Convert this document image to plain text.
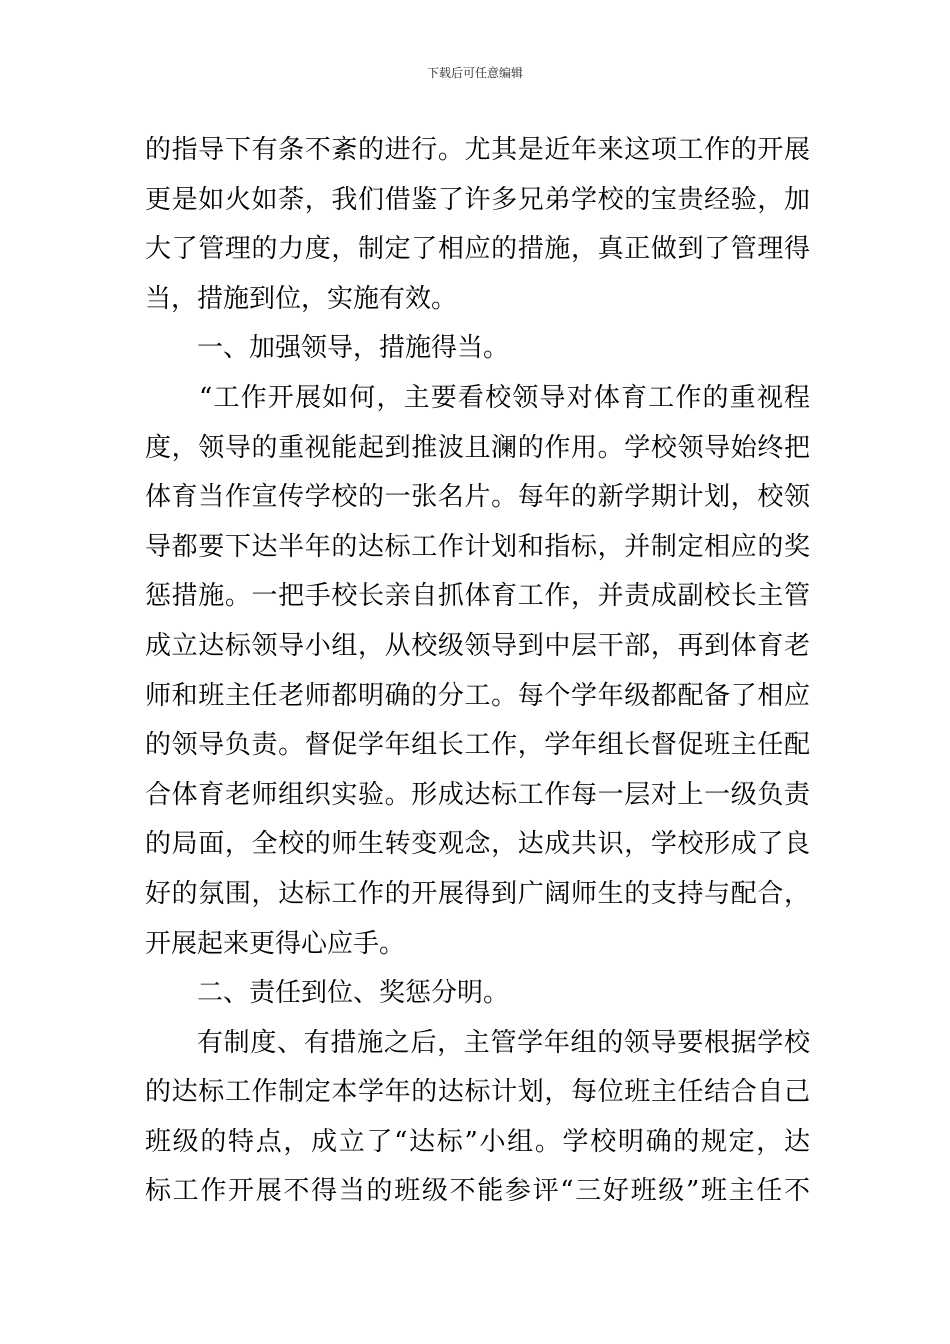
下载后可任意编辑
的指导下有条不紊的进行。尤其是近年来这项工作的开展
更是如火如荼，我们借鉴了许多兄弟学校的宝贵经验，加
大了管理的力度，制定了相应的措施，真正做到了管理得
当，措施到位，实施有效。
一、加强领导，措施得当。
“工作开展如何，主要看校领导对体育工作的重视程
度，领导的重视能起到推波且澜的作用。学校领导始终把
体育当作宣传学校的一张名片。每年的新学期计划，校领
导都要下达半年的达标工作计划和指标，并制定相应的奖
惩措施。一把手校长亲自抓体育工作，并责成副校长主管
成立达标领导小组，从校级领导到中层干部，再到体育老
师和班主任老师都明确的分工。每个学年级都配备了相应
的领导负责。督促学年组长工作，学年组长督促班主任配
合体育老师组织实验。形成达标工作每一层对上一级负责
的局面，全校的师生转变观念，达成共识，学校形成了良
好的氛围，达标工作的开展得到广阔师生的支持与配合，
开展起来更得心应手。
二、责任到位、奖惩分明。
有制度、有措施之后，主管学年组的领导要根据学校
的达标工作制定本学年的达标计划，每位班主任结合自己
班级的特点，成立了“达标”小组。学校明确的规定，达
标工作开展不得当的班级不能参评“三好班级”班主任不
